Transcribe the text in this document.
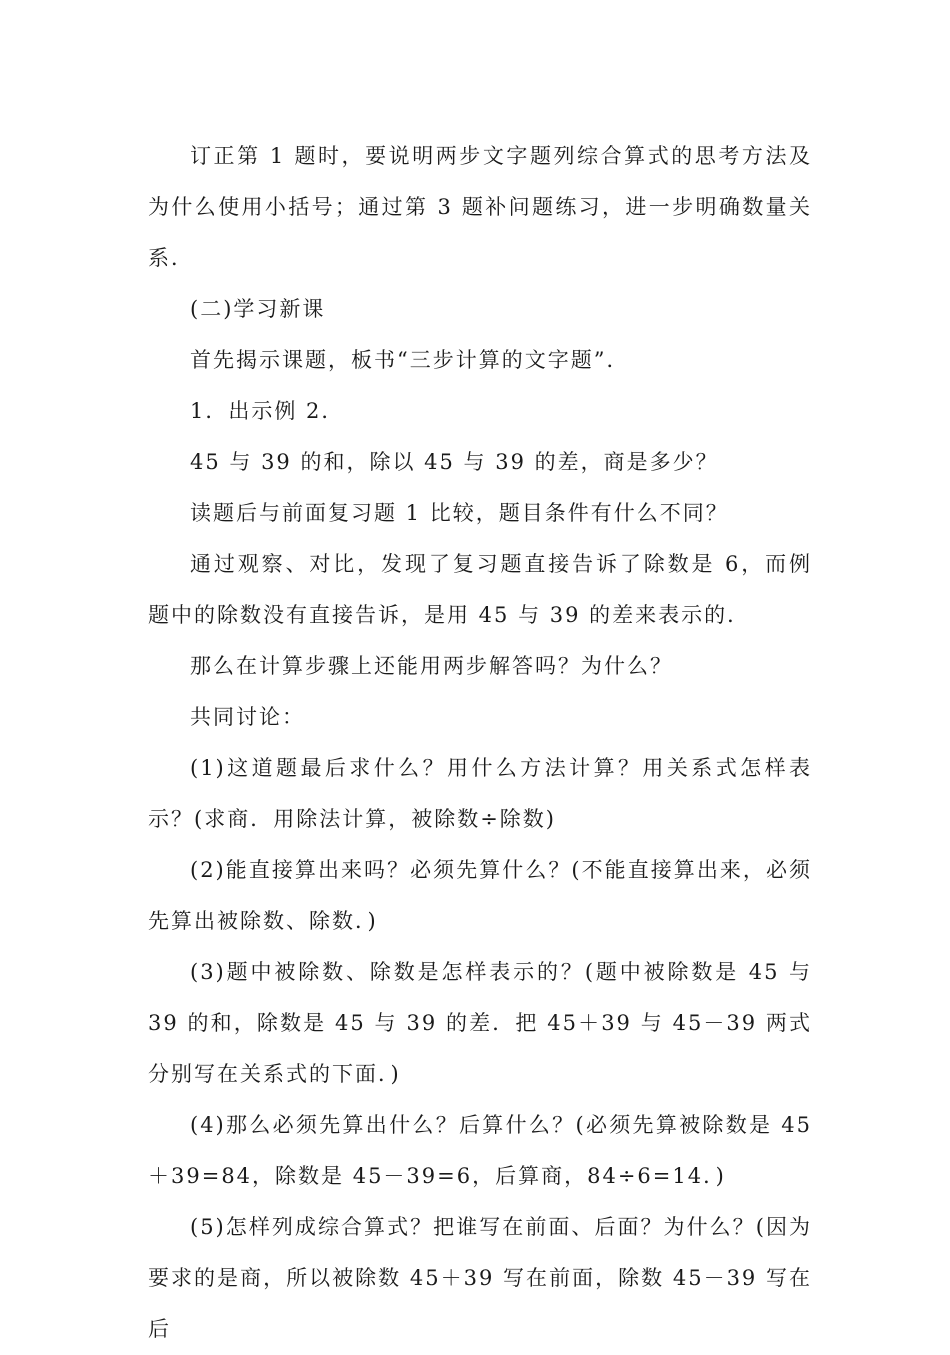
订正第 1 题时，要说明两步文字题列综合算式的思考方法及为什么使用小括号；通过第 3 题补问题练习，进一步明确数量关系．

(二)学习新课

首先揭示课题，板书“三步计算的文字题”．

1．出示例 2．

45 与 39 的和，除以 45 与 39 的差，商是多少？

读题后与前面复习题 1 比较，题目条件有什么不同？

通过观察、对比，发现了复习题直接告诉了除数是 6，而例题中的除数没有直接告诉，是用 45 与 39 的差来表示的．

那么在计算步骤上还能用两步解答吗？为什么？

共同讨论：

(1)这道题最后求什么？用什么方法计算？用关系式怎样表示？(求商．用除法计算，被除数÷除数)

(2)能直接算出来吗？必须先算什么？(不能直接算出来，必须先算出被除数、除数．)

(3)题中被除数、除数是怎样表示的？(题中被除数是 45 与 39 的和，除数是 45 与 39 的差．把 45＋39 与 45－39 两式分别写在关系式的下面．)

(4)那么必须先算出什么？后算什么？(必须先算被除数是 45＋39=84，除数是 45－39=6，后算商，84÷6=14．)

(5)怎样列成综合算式？把谁写在前面、后面？为什么？(因为要求的是商，所以被除数 45＋39 写在前面，除数 45－39 写在后
